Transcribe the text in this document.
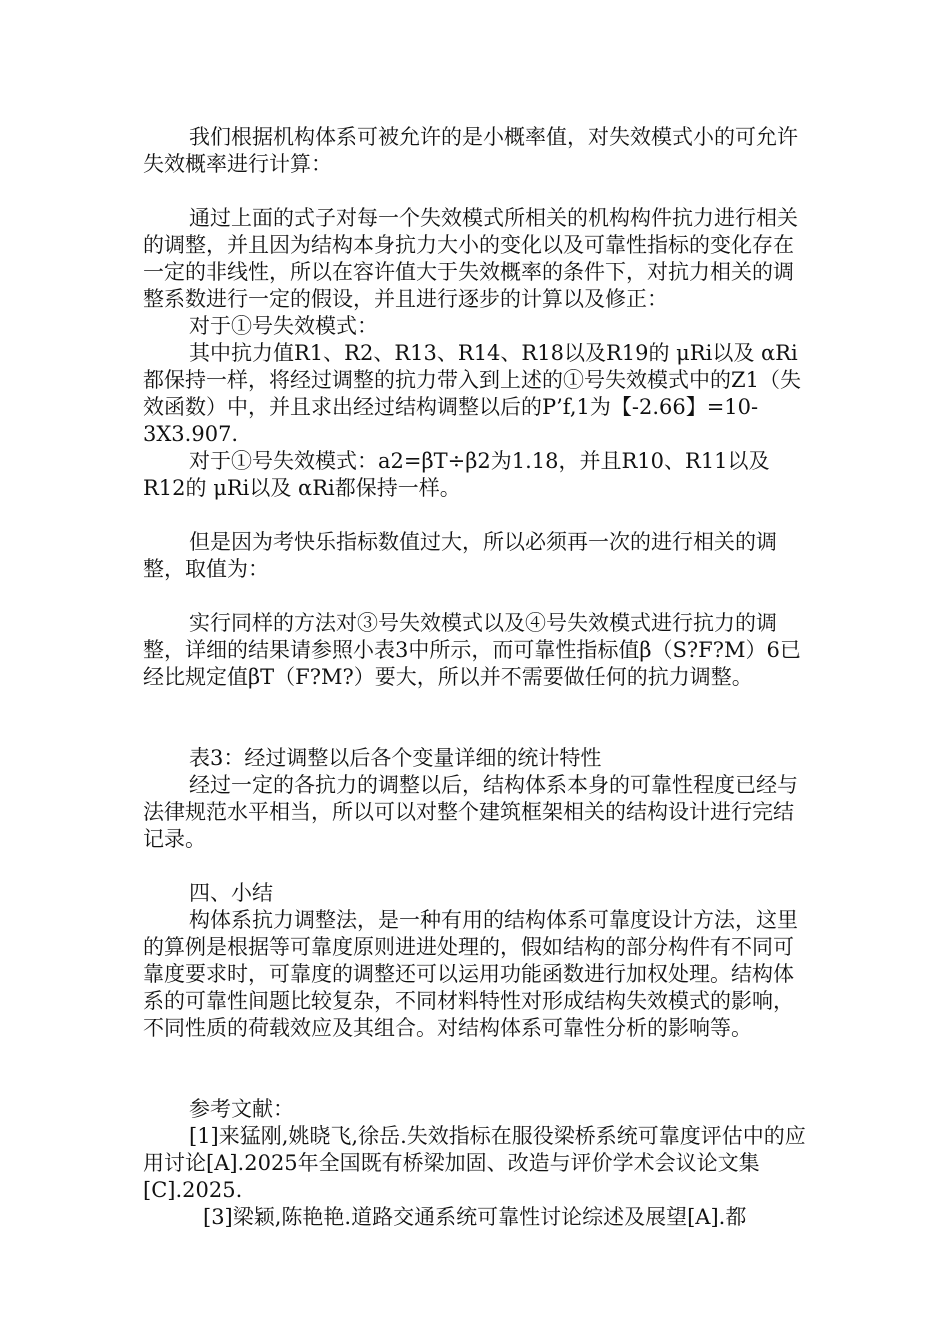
我们根据机构体系可被允许的是小概率值，对失效模式小的可允许失效概率进行计算：

通过上面的式子对每一个失效模式所相关的机构构件抗力进行相关的调整，并且因为结构本身抗力大小的变化以及可靠性指标的变化存在一定的非线性，所以在容许值大于失效概率的条件下，对抗力相关的调整系数进行一定的假设，并且进行逐步的计算以及修正：

对于①号失效模式：

其中抗力值R1、R2、R13、R14、R18以及R19的 μRi以及 αRi都保持一样，将经过调整的抗力带入到上述的①号失效模式中的Z1（失效函数）中，并且求出经过结构调整以后的P’f,1为【-2.66】=10-3X3.907.

对于①号失效模式：a2=βT÷β2为1.18，并且R10、R11以及R12的 μRi以及 αRi都保持一样。

但是因为考快乐指标数值过大，所以必须再一次的进行相关的调整，取值为：

实行同样的方法对③号失效模式以及④号失效模式进行抗力的调整，详细的结果请参照小表3中所示，而可靠性指标值β（S?F?M）6已经比规定值βT（F?M?）要大，所以并不需要做任何的抗力调整。

表3：经过调整以后各个变量详细的统计特性

经过一定的各抗力的调整以后，结构体系本身的可靠性程度已经与法律规范水平相当，所以可以对整个建筑框架相关的结构设计进行完结记录。

四、小结

构体系抗力调整法，是一种有用的结构体系可靠度设计方法，这里的算例是根据等可靠度原则进进处理的，假如结构的部分构件有不同可靠度要求时，可靠度的调整还可以运用功能函数进行加权处理。结构体系的可靠性间题比较复杂，不同材料特性对形成结构失效模式的影响，不同性质的荷载效应及其组合。对结构体系可靠性分析的影响等。

参考文献：

[1]来猛刚,姚晓飞,徐岳.失效指标在服役梁桥系统可靠度评估中的应用讨论[A].2025年全国既有桥梁加固、改造与评价学术会议论文集[C].2025.

[3]梁颖,陈艳艳.道路交通系统可靠性讨论综述及展望[A].都
